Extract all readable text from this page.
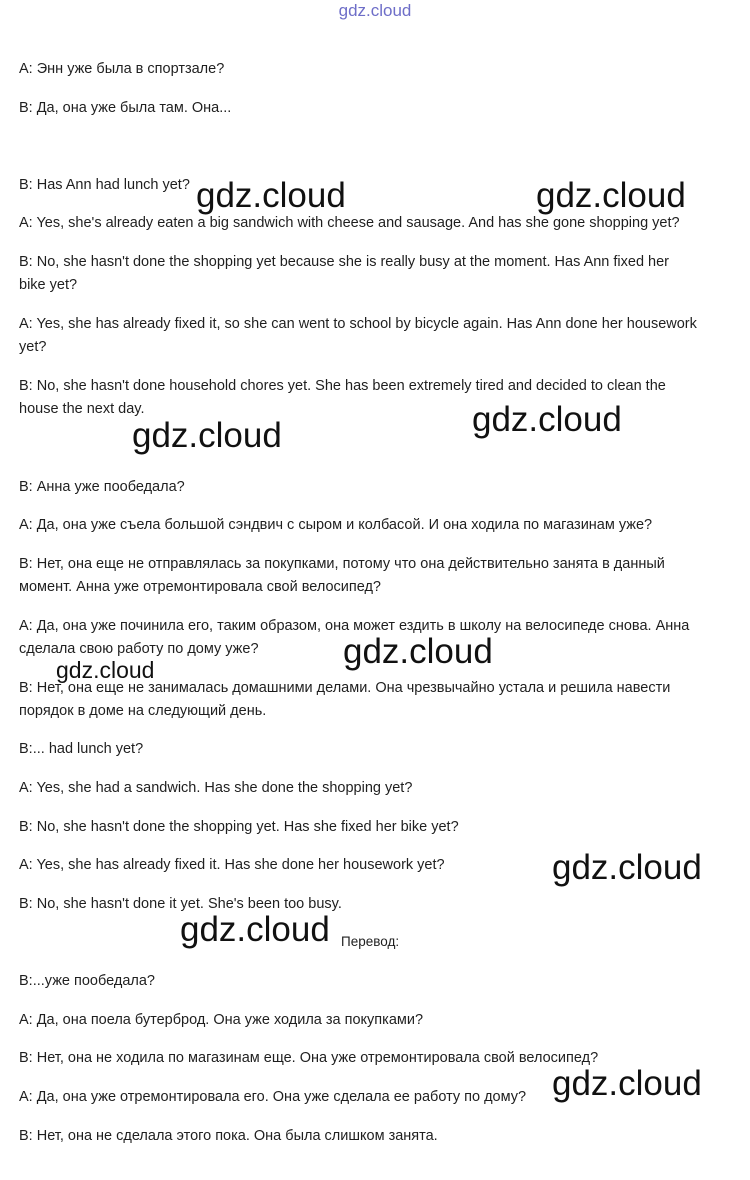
gdz.cloud
A: Энн уже была в спортзале?
B: Да, она уже была там. Она...
B: Has Ann had lunch yet?
A: Yes, she's already eaten a big sandwich with cheese and sausage. And has she gone shopping yet?
B: No, she hasn't done the shopping yet because she is really busy at the moment. Has Ann fixed her
bike yet?
A: Yes, she has already fixed it, so she can went to school by bicycle again. Has Ann done her housework
yet?
B: No, she hasn't done household chores yet. She has been extremely tired and decided to clean the
house the next day.
B: Анна уже пообедала?
A: Да, она уже съела большой сэндвич с сыром и колбасой. И она ходила по магазинам уже?
B: Нет, она еще не отправлялась за покупками, потому что она действительно занята в данный
момент. Анна уже отремонтировала свой велосипед?
A: Да, она уже починила его, таким образом, она может ездить в школу на велосипеде снова. Анна
сделала свою работу по дому уже?
B: Нет, она еще не занималась домашними делами. Она чрезвычайно устала и решила навести
порядок в доме на следующий день.
B:... had lunch yet?
A: Yes, she had a sandwich. Has she done the shopping yet?
B: No, she hasn't done the shopping yet. Has she fixed her bike yet?
A: Yes, she has already fixed it. Has she done her housework yet?
B: No, she hasn't done it yet. She's been too busy.
Перевод:
B:...уже пообедала?
A: Да, она поела бутерброд. Она уже ходила за покупками?
B: Нет, она не ходила по магазинам еще. Она уже отремонтировала свой велосипед?
A: Да, она уже отремонтировала его. Она уже сделала ее работу по дому?
B: Нет, она не сделала этого пока. Она была слишком занята.
gdz.cloud	gdz.cloud
gdz.cloud
gdz.cloud
gdz.cloud
gdz.cloud
gdz.cloud
gdz.cloud
gdz.cloud
